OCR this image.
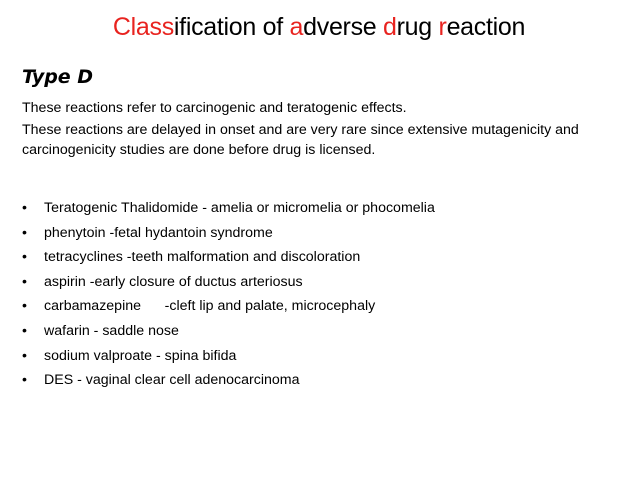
Classification of adverse drug reaction
Type D

These reactions refer to carcinogenic and teratogenic effects.

These reactions are delayed in onset and are very rare since extensive mutagenicity and carcinogenicity studies are done before drug is licensed.

•	Teratogenic Thalidomide - amelia or micromelia or phocomelia
•	phenytoin -fetal hydantoin syndrome
•	tetracyclines -teeth malformation and discoloration
•	aspirin -early closure of ductus arteriosus
•	carbamazepine      -cleft lip and palate, microcephaly
•	wafarin - saddle nose
•	sodium valproate - spina bifida
•	DES - vaginal clear cell adenocarcinoma
